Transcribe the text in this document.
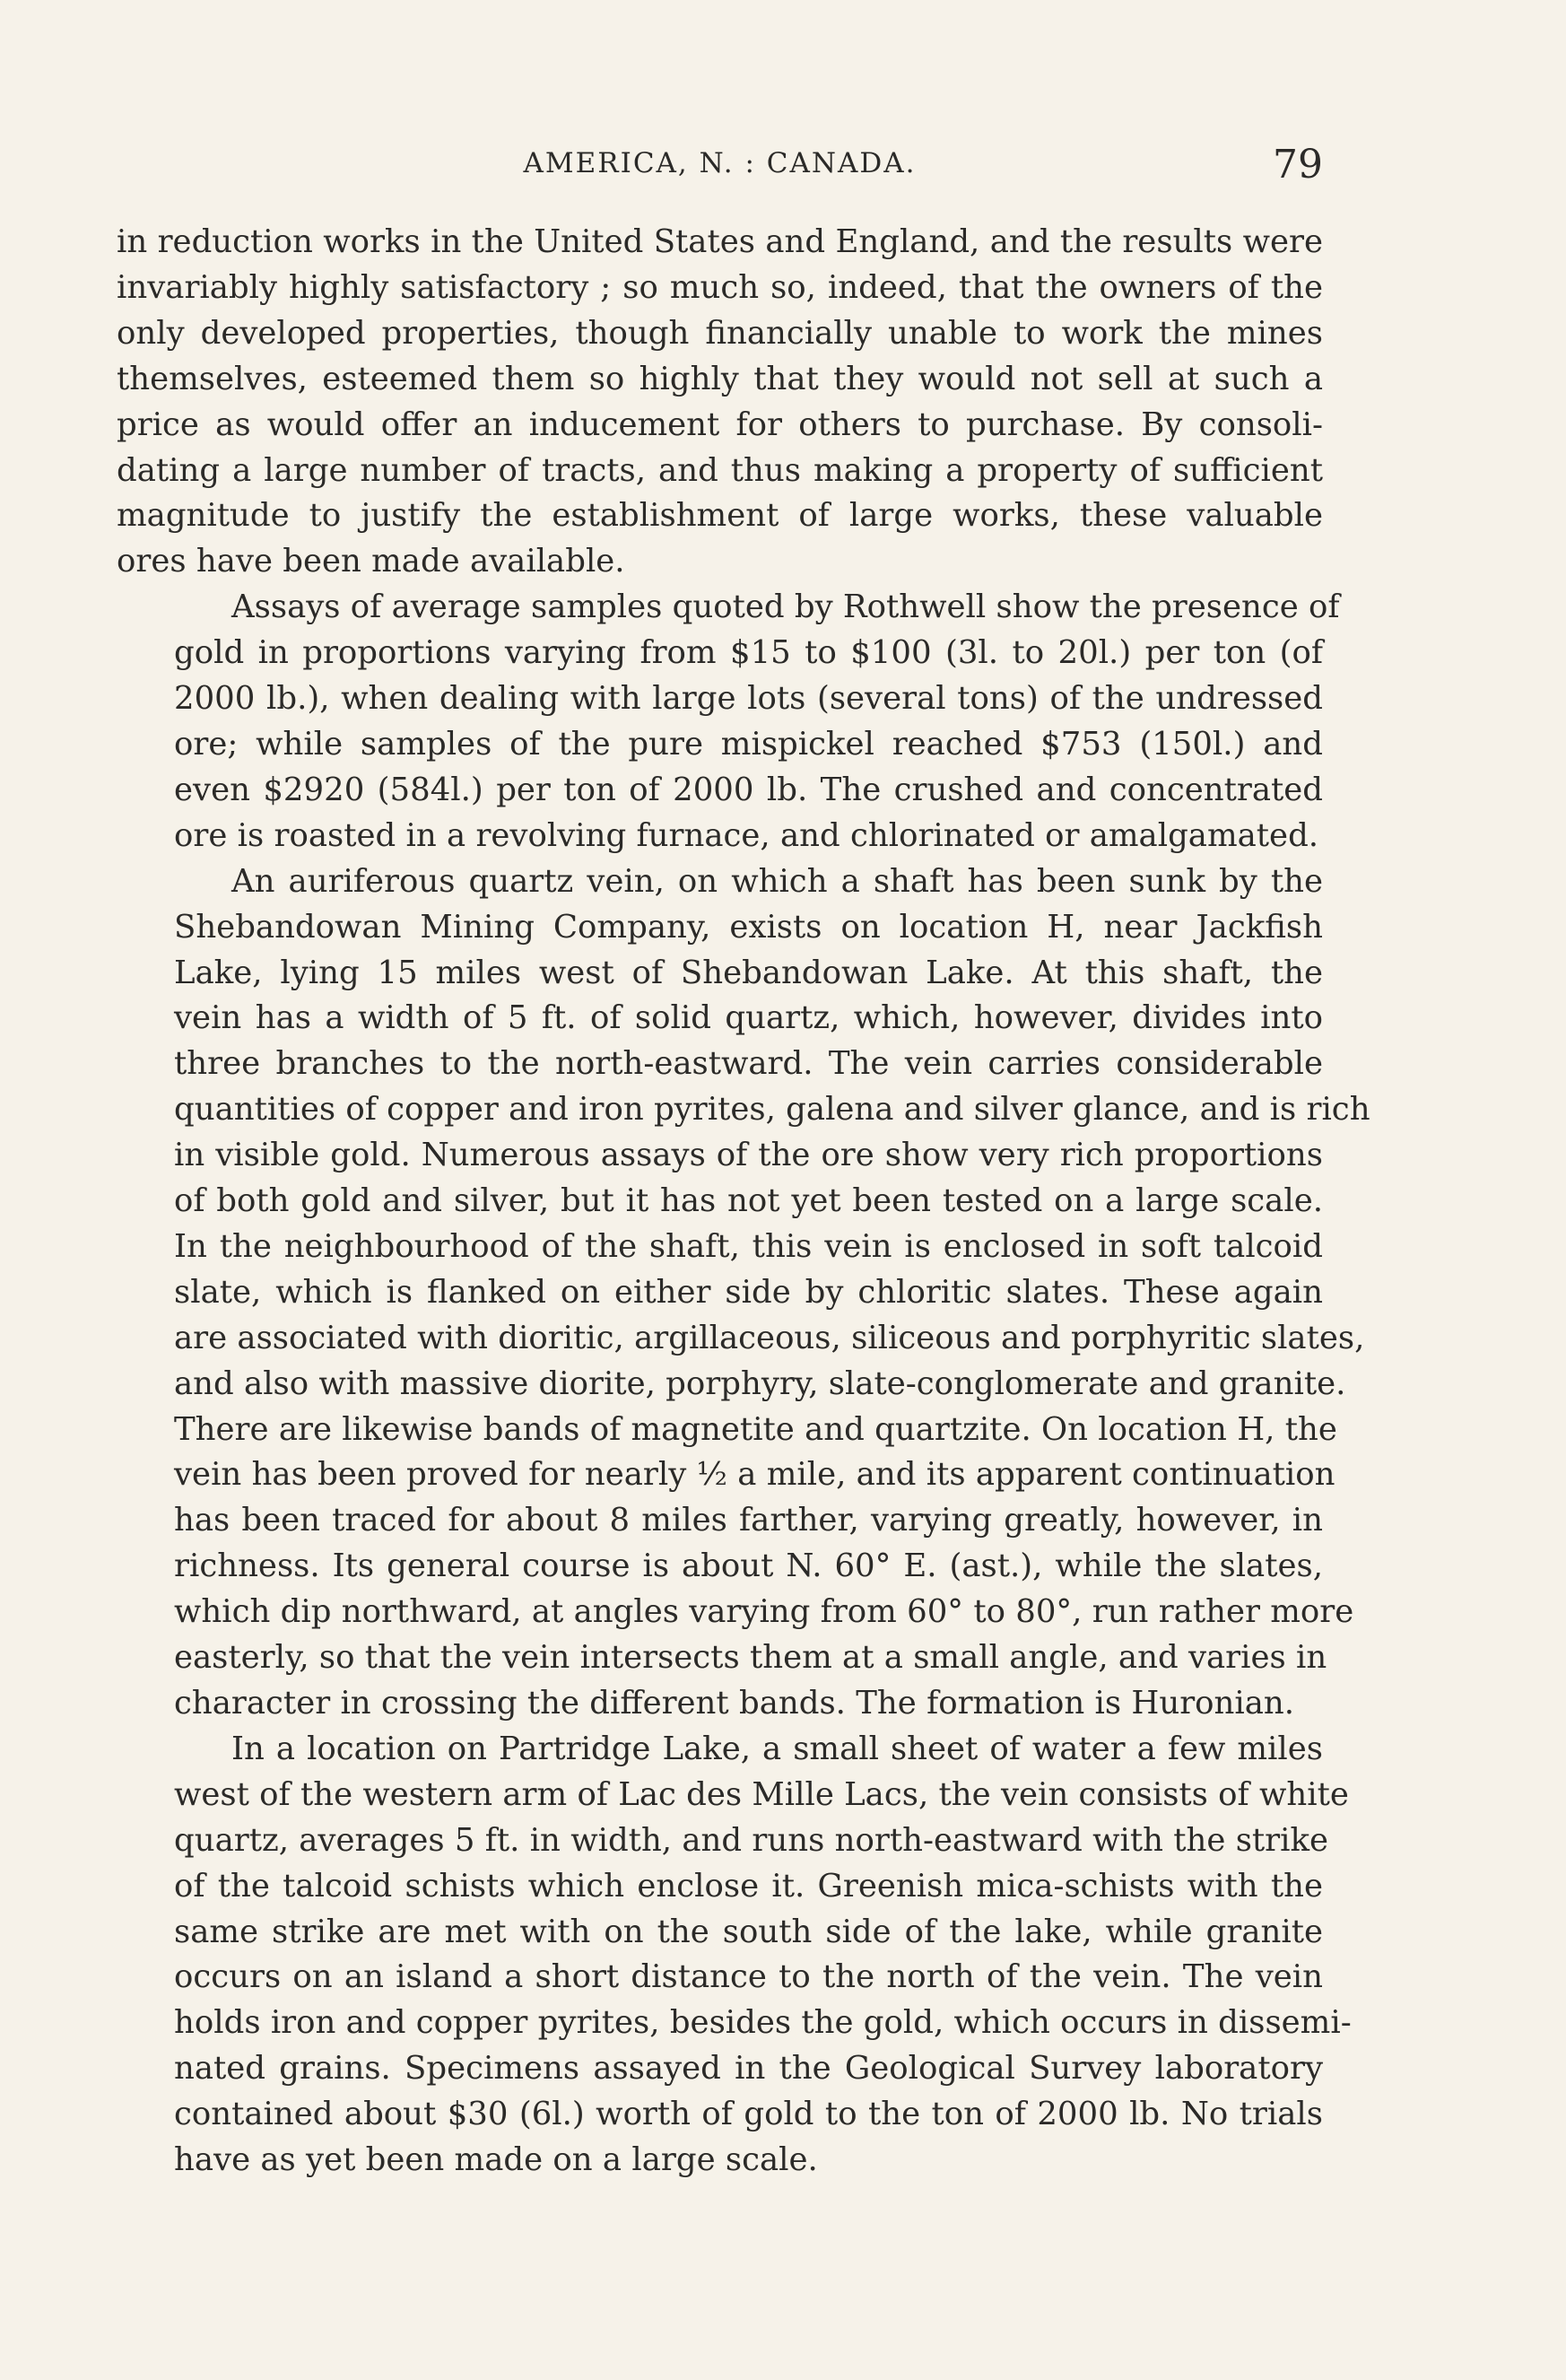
AMERICA, N. : CANADA.	79

in reduction works in the United States and England, and the results were
invariably highly satisfactory ; so much so, indeed, that the owners of the
only developed properties, though financially unable to work the mines
themselves, esteemed them so highly that they would not sell at such a
price as would offer an inducement for others to purchase. By consoli-
dating a large number of tracts, and thus making a property of sufficient
magnitude to justify the establishment of large works, these valuable
ores have been made available.

Assays of average samples quoted by Rothwell show the presence of
gold in proportions varying from $15 to $100 (3l. to 20l.) per ton (of
2000 lb.), when dealing with large lots (several tons) of the undressed
ore; while samples of the pure mispickel reached $753 (150l.) and
even $2920 (584l.) per ton of 2000 lb. The crushed and concentrated
ore is roasted in a revolving furnace, and chlorinated or amalgamated.

An auriferous quartz vein, on which a shaft has been sunk by the
Shebandowan Mining Company, exists on location H, near Jackfish
Lake, lying 15 miles west of Shebandowan Lake. At this shaft, the
vein has a width of 5 ft. of solid quartz, which, however, divides into
three branches to the north-eastward. The vein carries considerable
quantities of copper and iron pyrites, galena and silver glance, and is rich
in visible gold. Numerous assays of the ore show very rich proportions
of both gold and silver, but it has not yet been tested on a large scale.
In the neighbourhood of the shaft, this vein is enclosed in soft talcoid
slate, which is flanked on either side by chloritic slates. These again
are associated with dioritic, argillaceous, siliceous and porphyritic slates,
and also with massive diorite, porphyry, slate-conglomerate and granite.
There are likewise bands of magnetite and quartzite. On location H, the
vein has been proved for nearly ½ a mile, and its apparent continuation
has been traced for about 8 miles farther, varying greatly, however, in
richness. Its general course is about N. 60° E. (ast.), while the slates,
which dip northward, at angles varying from 60° to 80°, run rather more
easterly, so that the vein intersects them at a small angle, and varies in
character in crossing the different bands. The formation is Huronian.

In a location on Partridge Lake, a small sheet of water a few miles
west of the western arm of Lac des Mille Lacs, the vein consists of white
quartz, averages 5 ft. in width, and runs north-eastward with the strike
of the talcoid schists which enclose it. Greenish mica-schists with the
same strike are met with on the south side of the lake, while granite
occurs on an island a short distance to the north of the vein. The vein
holds iron and copper pyrites, besides the gold, which occurs in dissemi-
nated grains. Specimens assayed in the Geological Survey laboratory
contained about $30 (6l.) worth of gold to the ton of 2000 lb. No trials
have as yet been made on a large scale.
